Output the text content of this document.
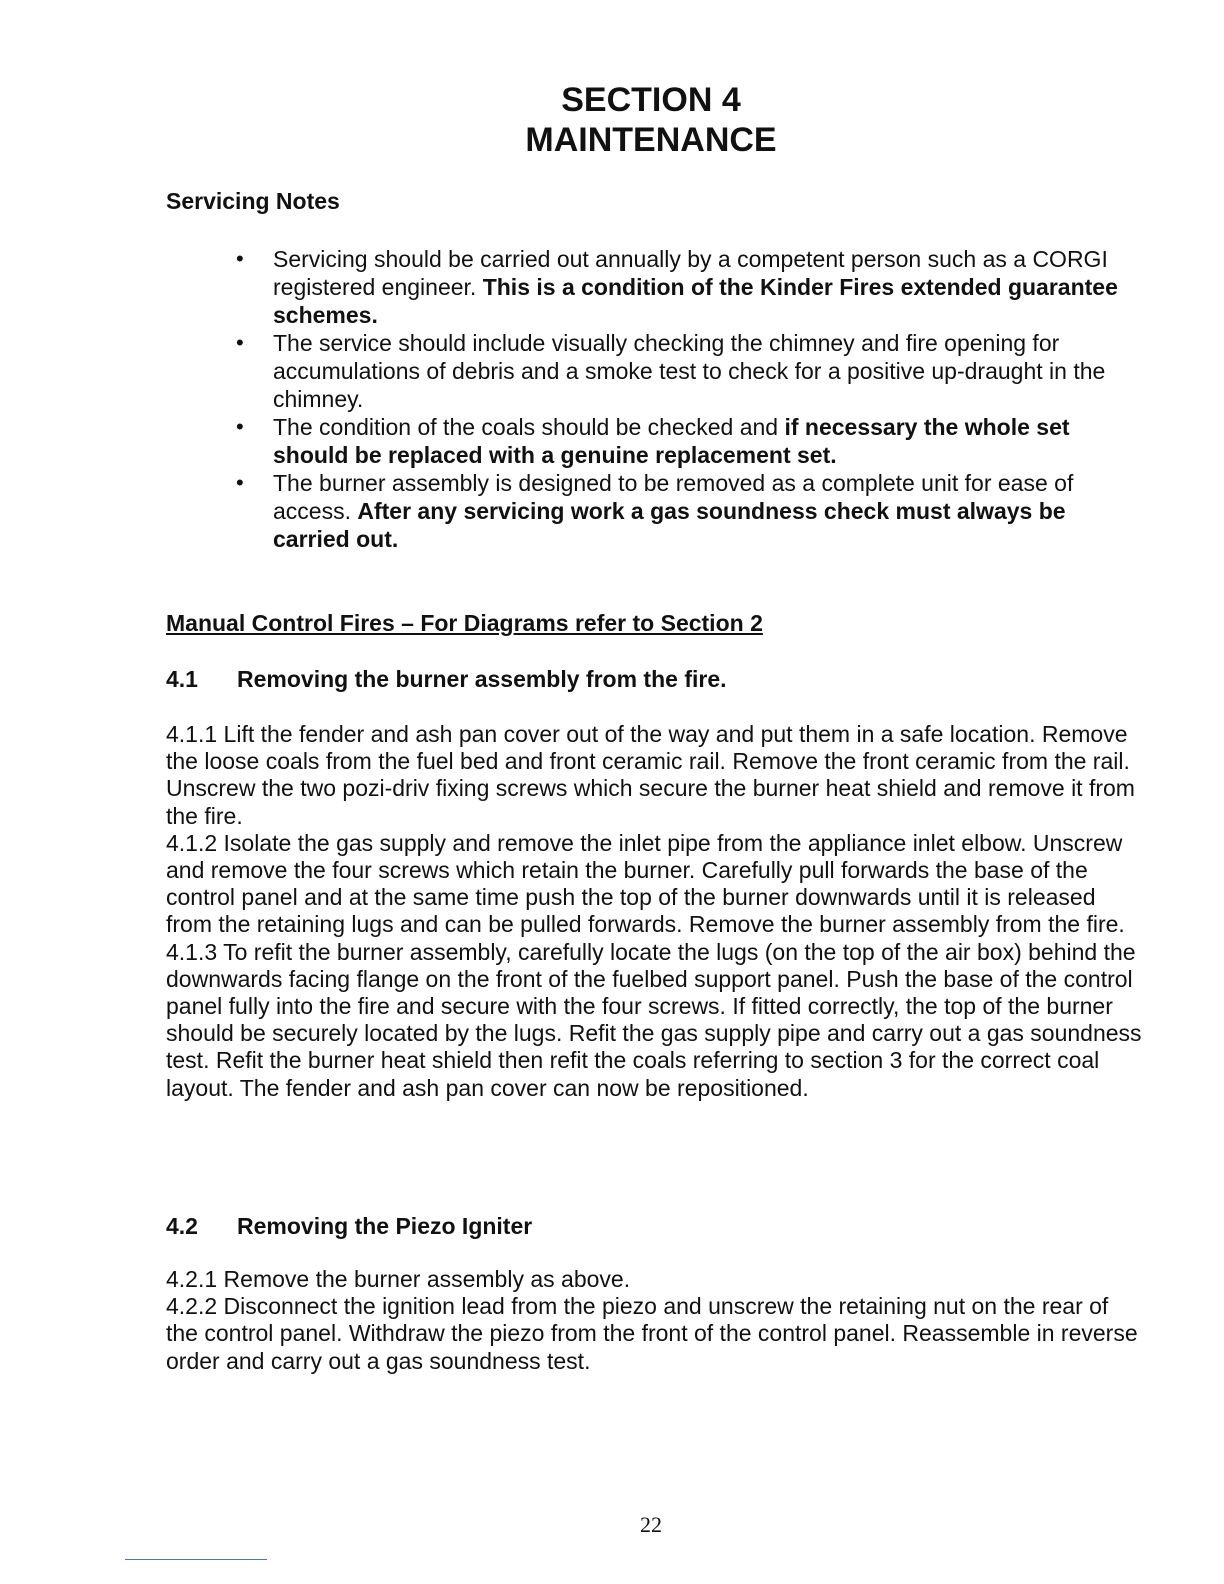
SECTION 4
MAINTENANCE
Servicing Notes
• Servicing should be carried out annually by a competent person such as a CORGI registered engineer. This is a condition of the Kinder Fires extended guarantee schemes.
• The service should include visually checking the chimney and fire opening for accumulations of debris and a smoke test to check for a positive up-draught in the chimney.
• The condition of the coals should be checked and if necessary the whole set should be replaced with a genuine replacement set.
• The burner assembly is designed to be removed as a complete unit for ease of access. After any servicing work a gas soundness check must always be carried out.
Manual Control Fires – For Diagrams refer to Section 2
4.1 Removing the burner assembly from the fire.

4.1.1 Lift the fender and ash pan cover out of the way and put them in a safe location. Remove the loose coals from the fuel bed and front ceramic rail. Remove the front ceramic from the rail. Unscrew the two pozi-driv fixing screws which secure the burner heat shield and remove it from the fire.

4.1.2 Isolate the gas supply and remove the inlet pipe from the appliance inlet elbow. Unscrew and remove the four screws which retain the burner. Carefully pull forwards the base of the control panel and at the same time push the top of the burner downwards until it is released from the retaining lugs and can be pulled forwards. Remove the burner assembly from the fire.

4.1.3 To refit the burner assembly, carefully locate the lugs (on the top of the air box) behind the downwards facing flange on the front of the fuelbed support panel. Push the base of the control panel fully into the fire and secure with the four screws. If fitted correctly, the top of the burner should be securely located by the lugs. Refit the gas supply pipe and carry out a gas soundness test. Refit the burner heat shield then refit the coals referring to section 3 for the correct coal layout. The fender and ash pan cover can now be repositioned.

4.2 Removing the Piezo Igniter

4.2.1 Remove the burner assembly as above.

4.2.2 Disconnect the ignition lead from the piezo and unscrew the retaining nut on the rear of the control panel. Withdraw the piezo from the front of the control panel. Reassemble in reverse order and carry out a gas soundness test.

22
